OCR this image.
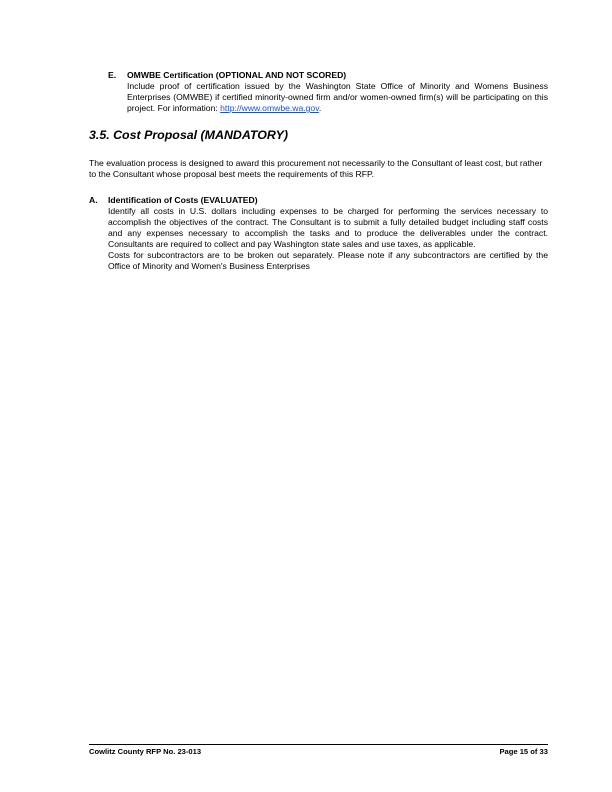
E.	OMWBE Certification (OPTIONAL AND NOT SCORED)

Include proof of certification issued by the Washington State Office of Minority and Womens Business Enterprises (OMWBE) if certified minority-owned firm and/or women-owned firm(s) will be participating on this project. For information: http://www.omwbe.wa.gov.

3.5. Cost Proposal (MANDATORY)

The evaluation process is designed to award this procurement not necessarily to the Consultant of least cost, but rather to the Consultant whose proposal best meets the requirements of this RFP.

A.	Identification of Costs (EVALUATED)

Identify all costs in U.S. dollars including expenses to be charged for performing the services necessary to accomplish the objectives of the contract. The Consultant is to submit a fully detailed budget including staff costs and any expenses necessary to accomplish the tasks and to produce the deliverables under the contract. Consultants are required to collect and pay Washington state sales and use taxes, as applicable.

Costs for subcontractors are to be broken out separately. Please note if any subcontractors are certified by the Office of Minority and Women's Business Enterprises

Cowlitz County RFP No. 23-013	Page 15 of 33
